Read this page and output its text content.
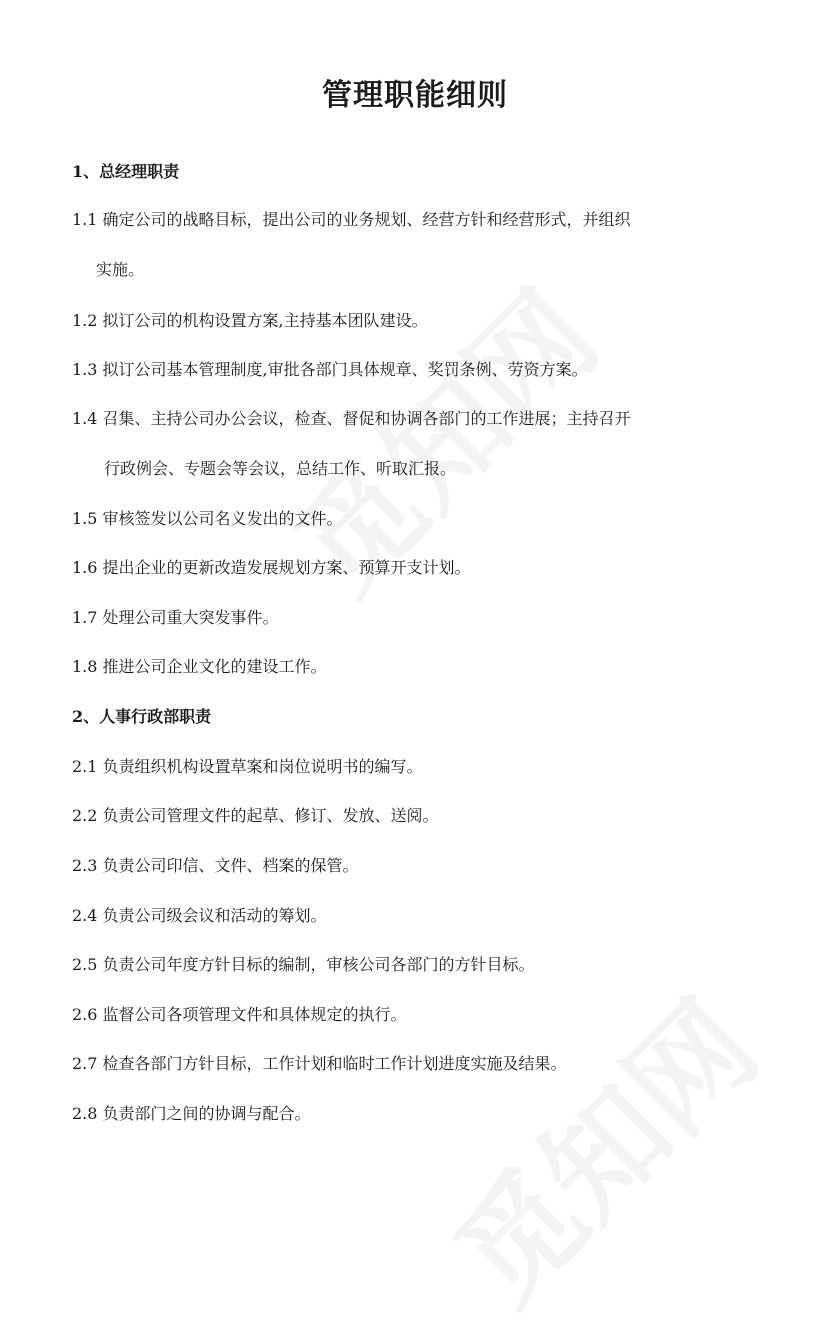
管理职能细则
1、总经理职责
1.1 确定公司的战略目标，提出公司的业务规划、经营方针和经营形式，并组织
实施。
1.2 拟订公司的机构设置方案,主持基本团队建设。
1.3 拟订公司基本管理制度,审批各部门具体规章、奖罚条例、劳资方案。
1.4 召集、主持公司办公会议，检查、督促和协调各部门的工作进展；主持召开
行政例会、专题会等会议，总结工作、听取汇报。
1.5 审核签发以公司名义发出的文件。
1.6 提出企业的更新改造发展规划方案、预算开支计划。
1.7 处理公司重大突发事件。
1.8 推进公司企业文化的建设工作。
2、人事行政部职责
2.1 负责组织机构设置草案和岗位说明书的编写。
2.2 负责公司管理文件的起草、修订、发放、送阅。
2.3 负责公司印信、文件、档案的保管。
2.4 负责公司级会议和活动的筹划。
2.5 负责公司年度方针目标的编制，审核公司各部门的方针目标。
2.6 监督公司各项管理文件和具体规定的执行。
2.7 检查各部门方针目标，工作计划和临时工作计划进度实施及结果。
2.8 负责部门之间的协调与配合。
